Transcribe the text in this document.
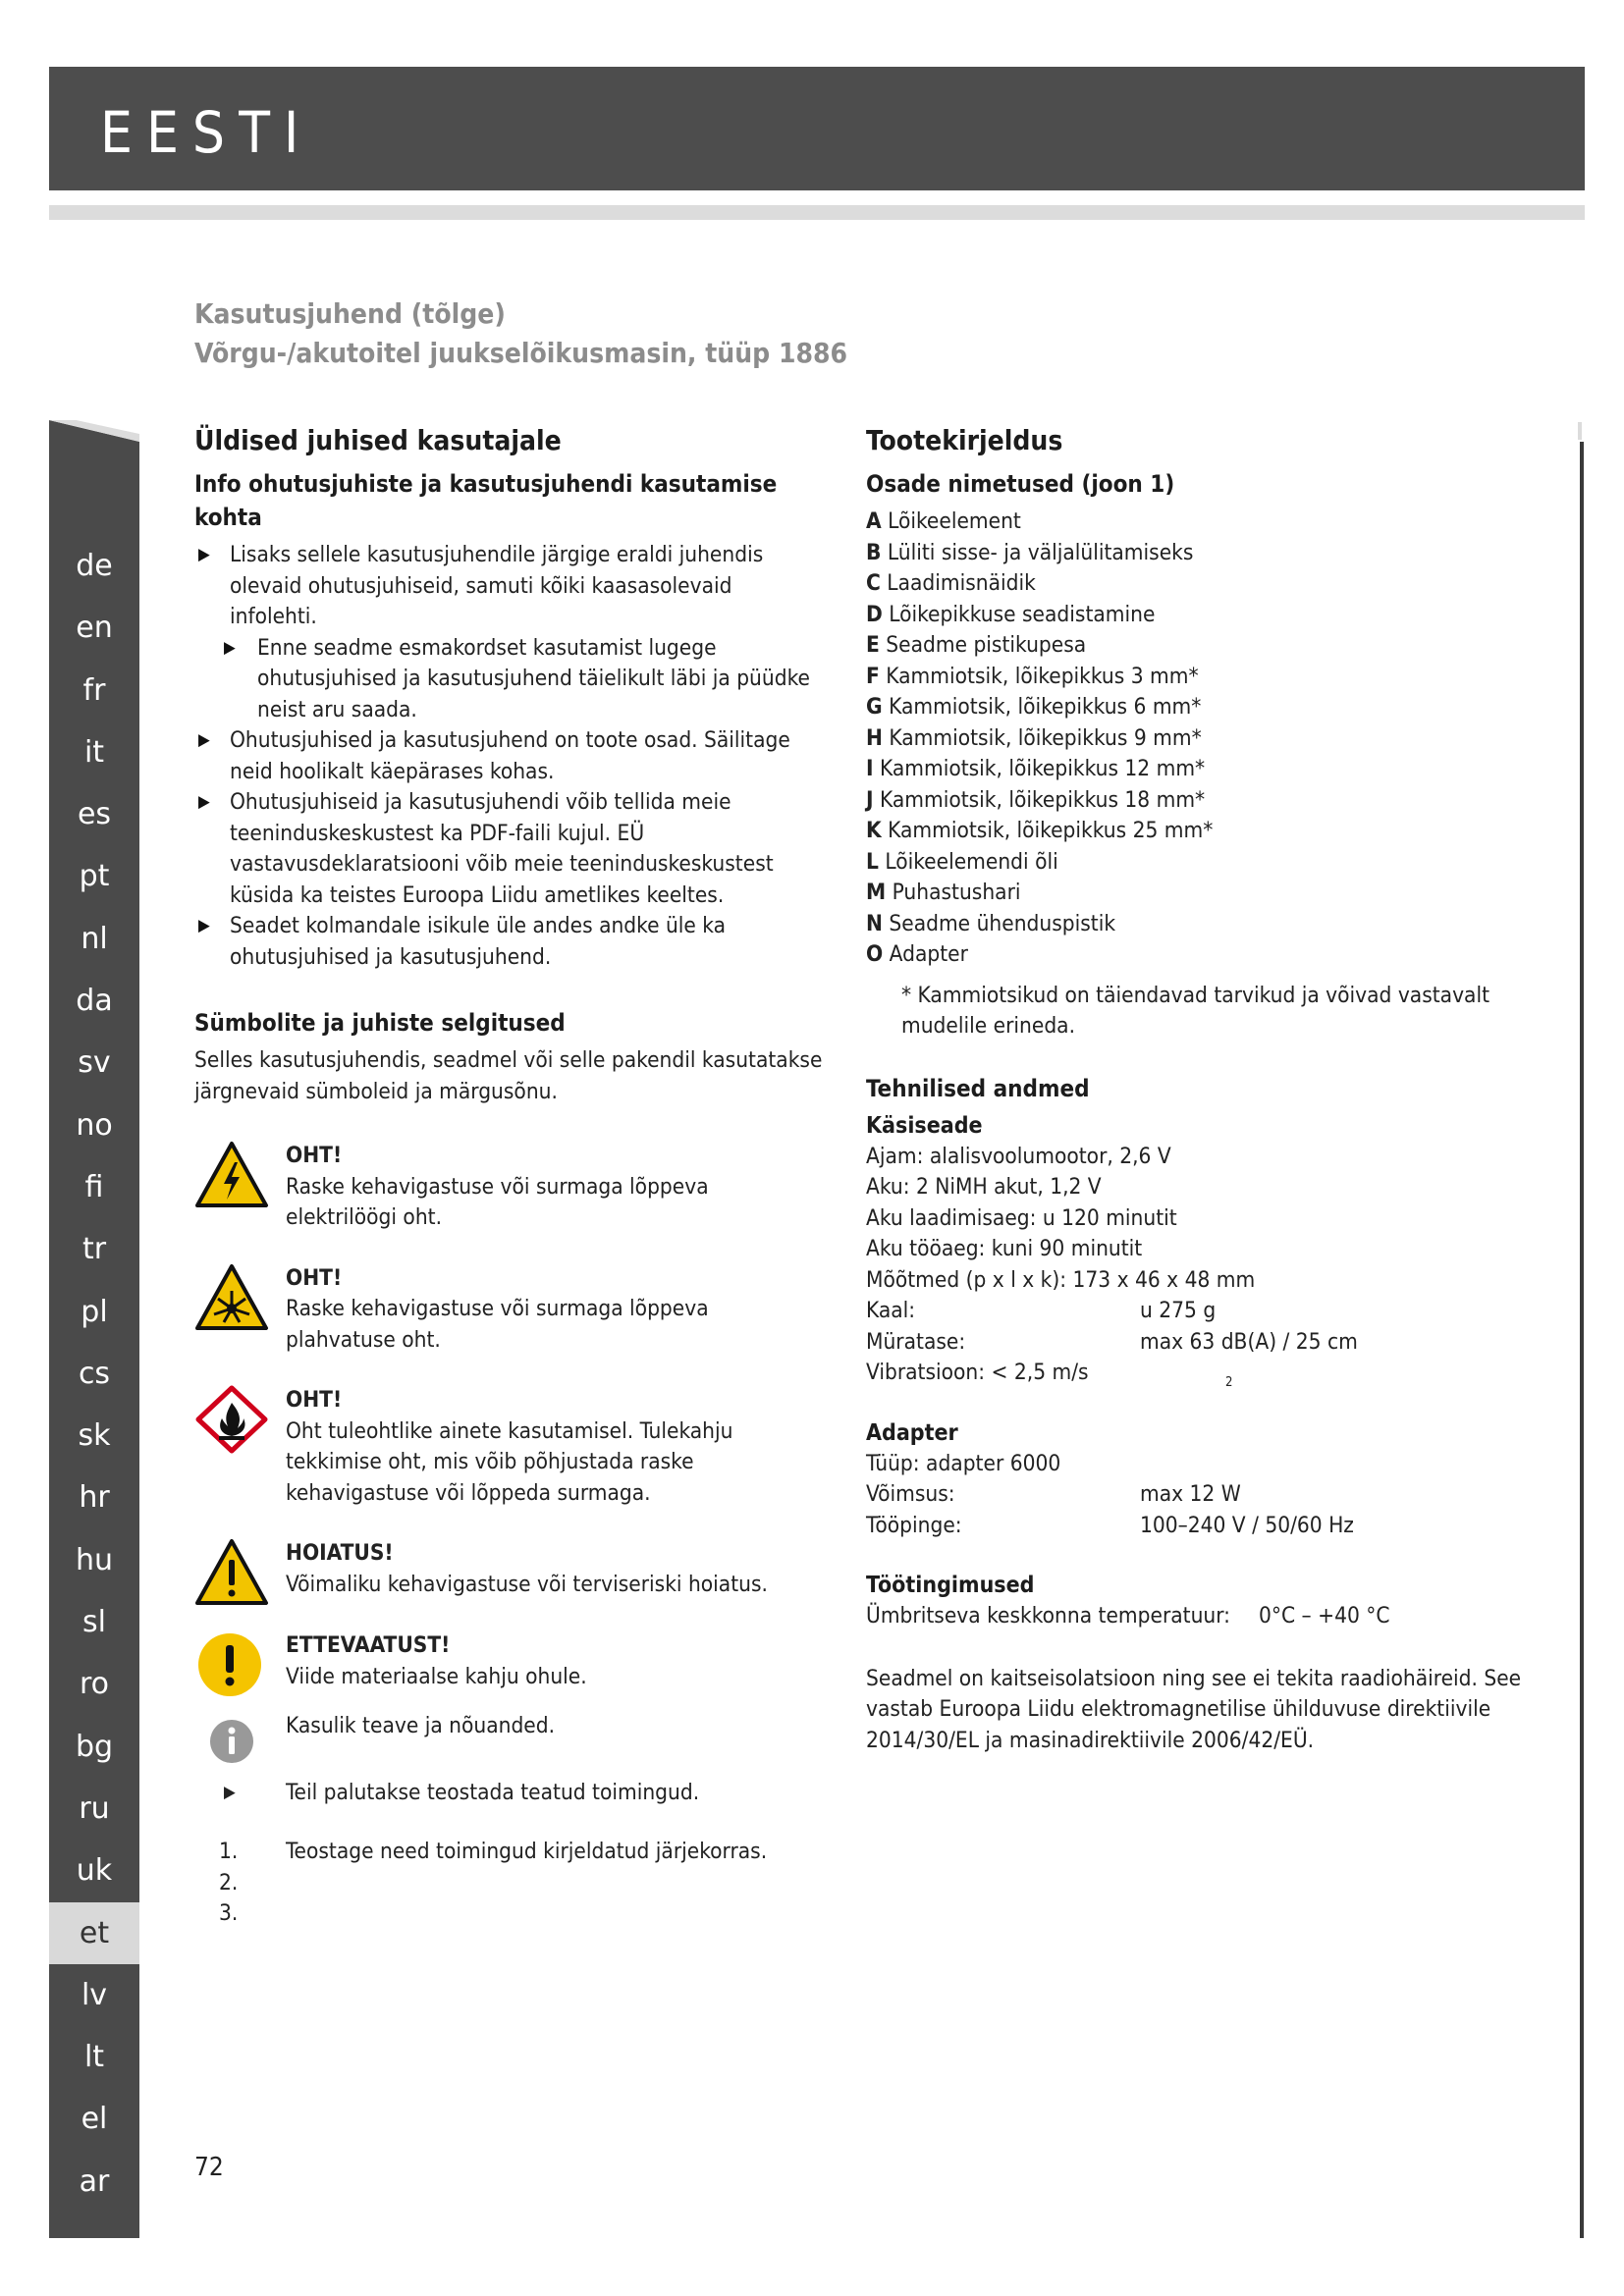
EESTI
Kasutusjuhend (tõlge)
Võrgu-/akutoitel juukselõikusmasin, tüüp 1886
de
en
fr
it
es
pt
nl
da
sv
no
fi
tr
pl
cs
sk
hr
hu
sl
ro
bg
ru
uk
et
lv
lt
el
ar	72
Üldised juhised kasutajale
Info ohutusjuhiste ja kasutusjuhendi kasutamise kohta
▶ Lisaks sellele kasutusjuhendile järgige eraldi juhendis olevaid ohutusjuhiseid, samuti kõiki kaasasolevaid infolehti.
▶ Enne seadme esmakordset kasutamist lugege ohutusjuhised ja kasutusjuhend täielikult läbi ja püüdke neist aru saada.
▶ Ohutusjuhised ja kasutusjuhend on toote osad. Säilitage neid hoolikalt käepärases kohas.
▶ Ohutusjuhiseid ja kasutusjuhendi võib tellida meie teeninduskeskustest ka PDF-faili kujul. EÜ vastavusdeklaratsiooni võib meie teeninduskeskustest küsida ka teistes Euroopa Liidu ametlikes keeltes.
▶ Seadet kolmandale isikule üle andes andke üle ka ohutusjuhised ja kasutusjuhend.
Sümbolite ja juhiste selgitused

Selles kasutusjuhendis, seadmel või selle pakendil kasutatakse järgnevaid sümboleid ja märgusõnu.

OHT!
Raske kehavigastuse või surmaga lõppeva elektrilöögi oht.
OHT!
Raske kehavigastuse või surmaga lõppeva plahvatuse oht.
OHT!
Oht tuleohtlike ainete kasutamisel. Tulekahju tekkimise oht, mis võib põhjustada raske kehavigastuse või lõppeda surmaga.
HOIATUS!
Võimaliku kehavigastuse või terviseriski hoiatus.
ETTEVAATUST!
Viide materiaalse kahju ohule.
Kasulik teave ja nõuanded.
▶ Teil palutakse teostada teatud toimingud.
1.
2.
3.
Teostage need toimingud kirjeldatud järjekorras.
Tootekirjeldus
Osade nimetused (joon 1)
A Lõikeelement
B Lüliti sisse- ja väljalülitamiseks
C Laadimisnäidik
D Lõikepikkuse seadistamine
E Seadme pistikupesa
F Kammiotsik, lõikepikkus 3 mm*
G Kammiotsik, lõikepikkus 6 mm*
H Kammiotsik, lõikepikkus 9 mm*
I Kammiotsik, lõikepikkus 12 mm*
J Kammiotsik, lõikepikkus 18 mm*
K Kammiotsik, lõikepikkus 25 mm*
L Lõikeelemendi õli
M Puhastushari
N Seadme ühenduspistik
O Adapter
* Kammiotsikud on täiendavad tarvikud ja võivad vastavalt mudelile erineda.
Tehnilised andmed
Käsiseade
Ajam: alalisvoolumootor, 2,6 V
Aku: 2 NiMH akut, 1,2 V
Aku laadimisaeg: u 120 minutit
Aku tööaeg: kuni 90 minutit
Mõõtmed (p x l x k): 173 x 46 x 48 mm
Kaal:	u 275 g
Müratase:	max 63 dB(A) / 25 cm
Vibratsioon: < 2,5 m/s	2
Adapter
Tüüp: adapter 6000
Võimsus:	max 12 W
Tööpinge:	100–240 V / 50/60 Hz
Töötingimused
Ümbritseva keskkonna temperatuur: 0°C – +40 °C

Seadmel on kaitseisolatsioon ning see ei tekita raadiohäireid. See vastab Euroopa Liidu elektromagnetilise ühilduvuse direktiivile 2014/30/EL ja masinadirektiivile 2006/42/EÜ.
